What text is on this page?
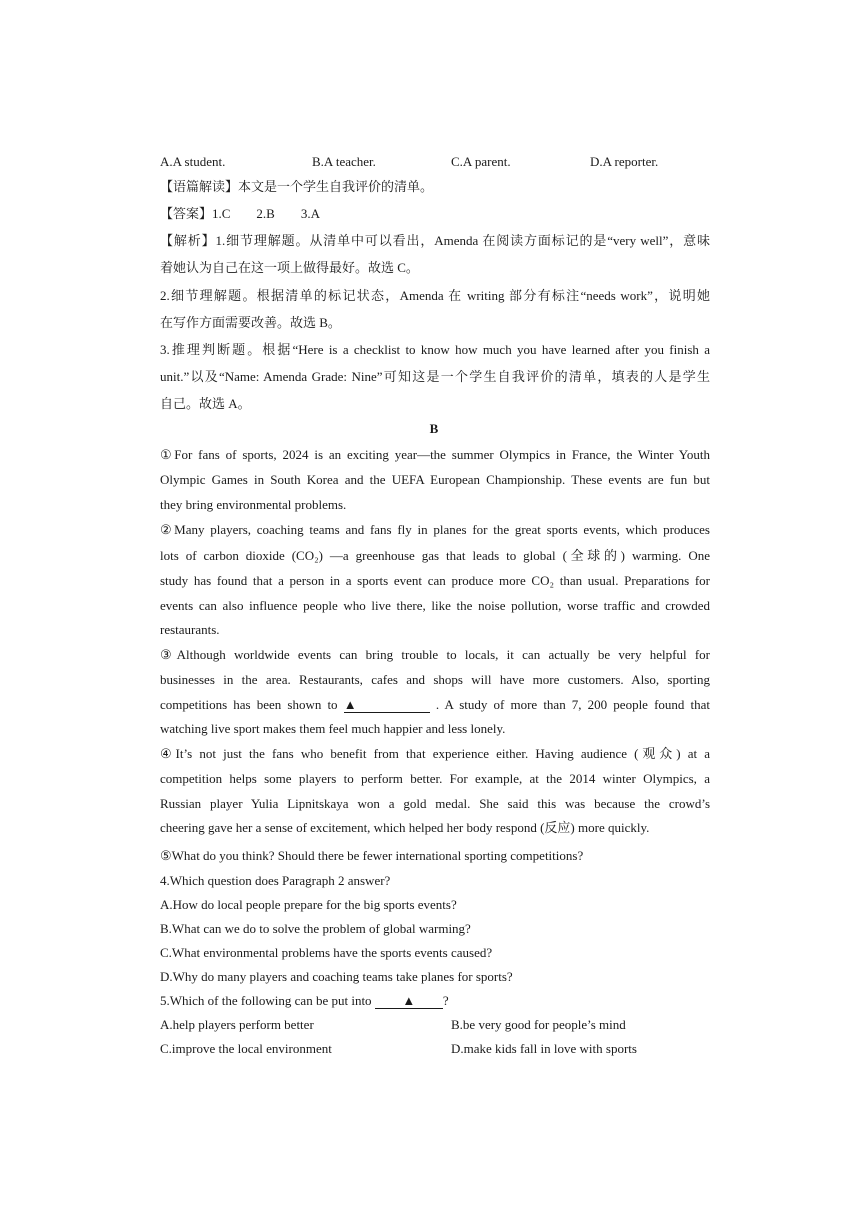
A.A student.	B.A teacher.	C.A parent.	D.A reporter.
【语篇解读】本文是一个学生自我评价的清单。
【答案】1.C　　2.B　　3.A
【解析】1.细节理解题。从清单中可以看出，Amenda 在阅读方面标记的是“very well”，意味
着她认为自己在这一项上做得最好。故选 C。
2.细节理解题。根据清单的标记状态，Amenda 在 writing 部分有标注“needs work”，说明她
在写作方面需要改善。故选 B。
3.推理判断题。根据“Here is a checklist to know how much you have learned after you finish a
unit.”以及“Name: Amenda Grade: Nine”可知这是一个学生自我评价的清单，填表的人是学生
自己。故选 A。
B
①For fans of sports, 2024 is an exciting year—the summer Olympics in France, the Winter Youth
Olympic Games in South Korea and the UEFA European Championship. These events are fun but
they bring environmental problems.
②Many players, coaching teams and fans fly in planes for the great sports events, which produces
lots of carbon dioxide (CO₂) —a greenhouse gas that leads to global (全球的) warming. One
study has found that a person in a sports event can produce more CO₂ than usual. Preparations for
events can also influence people who live there, like the noise pollution, worse traffic and crowded
restaurants.
③Although worldwide events can bring trouble to locals, it can actually be very helpful for
businesses in the area. Restaurants, cafes and shops will have more customers. Also, sporting
competitions has been shown to ▲	. A study of more than 7, 200 people found that
watching live sport makes them feel much happier and less lonely.
④It’s not just the fans who benefit from that experience either. Having audience (观众) at a
competition helps some players to perform better. For example, at the 2014 winter Olympics, a
Russian player Yulia Lipnitskaya won a gold medal. She said this was because the crowd’s
cheering gave her a sense of excitement, which helped her body respond (反应) more quickly.
⑤What do you think? Should there be fewer international sporting competitions?
4.Which question does Paragraph 2 answer?
A.How do local people prepare for the big sports events?
B.What can we do to solve the problem of global warming?
C.What environmental problems have the sports events caused?
D.Why do many players and coaching teams take planes for sports?
5.Which of the following can be put into ▲ ?
A.help players perform better	B.be very good for people’s mind
C.improve the local environment	D.make kids fall in love with sports
